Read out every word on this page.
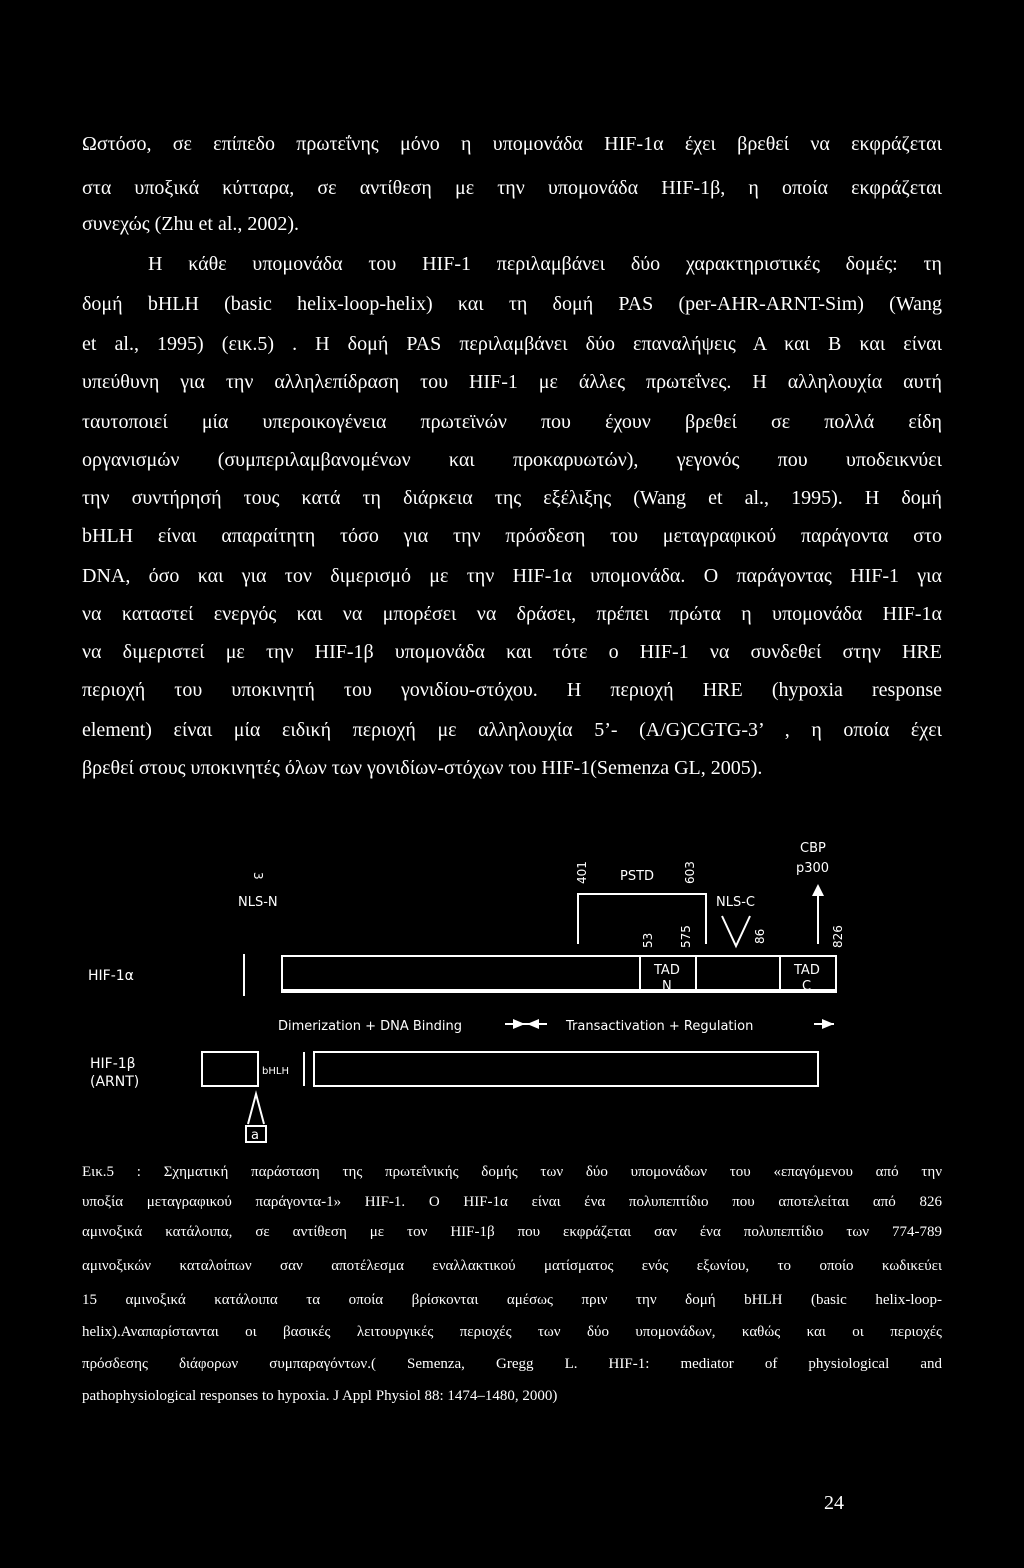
Ωστόσο, σε επίπεδο πρωτεΐνης μόνο η υπομονάδα HIF-1α έχει βρεθεί να εκφράζεται
στα υποξικά κύτταρα, σε αντίθεση με την υπομονάδα HIF-1β, η οποία εκφράζεται
συνεχώς (Zhu et al., 2002).
Η κάθε υπομονάδα του HIF-1 περιλαμβάνει δύο χαρακτηριστικές δομές: τη
δομή bHLH (basic helix-loop-helix) και τη δομή PAS (per-AHR-ARNT-Sim) (Wang
et al., 1995) (εικ.5) . Η δομή PAS περιλαμβάνει δύο επαναλήψεις Α και Β και είναι
υπεύθυνη για την αλληλεπίδραση του HIF-1 με άλλες πρωτεΐνες. Η αλληλουχία αυτή
ταυτοποιεί μία υπεροικογένεια πρωτεϊνών που έχουν βρεθεί σε πολλά είδη
οργανισμών (συμπεριλαμβανομένων και προκαρυωτών), γεγονός που υποδεικνύει
την συντήρησή τους κατά τη διάρκεια της εξέλιξης (Wang et al., 1995). Η δομή
bHLH είναι απαραίτητη τόσο για την πρόσδεση του μεταγραφικού παράγοντα στο
DNA, όσο και για τον διμερισμό με την HIF-1α υπομονάδα. Ο παράγοντας HIF-1 για
να καταστεί ενεργός και να μπορέσει να δράσει, πρέπει πρώτα η υπομονάδα HIF-1α
να διμεριστεί με την HIF-1β υπομονάδα και τότε ο HIF-1 να συνδεθεί στην HRE
περιοχή του υποκινητή του γονιδίου-στόχου. Η περιοχή HRE (hypoxia response
element) είναι μία ειδική περιοχή με αλληλουχία 5’- (A/G)CGTG-3’ , η οποία έχει
βρεθεί στους υποκινητές όλων των γονιδίων-στόχων του HIF-1(Semenza GL, 2005).
HIF-1α
HIF-1β
(ARNT)
NLS-N	NLS-C
PSTD
CBP
p300
3	401	603
53 575	86	826
TAD
N
TAD
C
Dimerization + DNA Binding	Transactivation + Regulation
bHLH
a
Εικ.5 : Σχηματική παράσταση της πρωτεΐνικής δομής των δύο υπομονάδων του «επαγόμενου από την
υποξία μεταγραφικού παράγοντα-1» HIF-1. O HIF-1α είναι ένα πολυπεπτίδιο που αποτελείται από 826
αμινοξικά κατάλοιπα, σε αντίθεση με τον HIF-1β που εκφράζεται σαν ένα πολυπεπτίδιο των 774-789
αμινοξικών καταλοίπων σαν αποτέλεσμα εναλλακτικού ματίσματος ενός εξωνίου, το οποίο κωδικεύει
15 αμινοξικά κατάλοιπα τα οποία βρίσκονται αμέσως πριν την δομή bHLH (basic helix-loop-
helix).Αναπαρίστανται οι βασικές λειτουργικές περιοχές των δύο υπομονάδων, καθώς και οι περιοχές
πρόσδεσης διάφορων συμπαραγόντων.( Semenza, Gregg L. HIF-1: mediator of physiological and
pathophysiological responses to hypoxia. J Appl Physiol 88: 1474–1480, 2000)
24
